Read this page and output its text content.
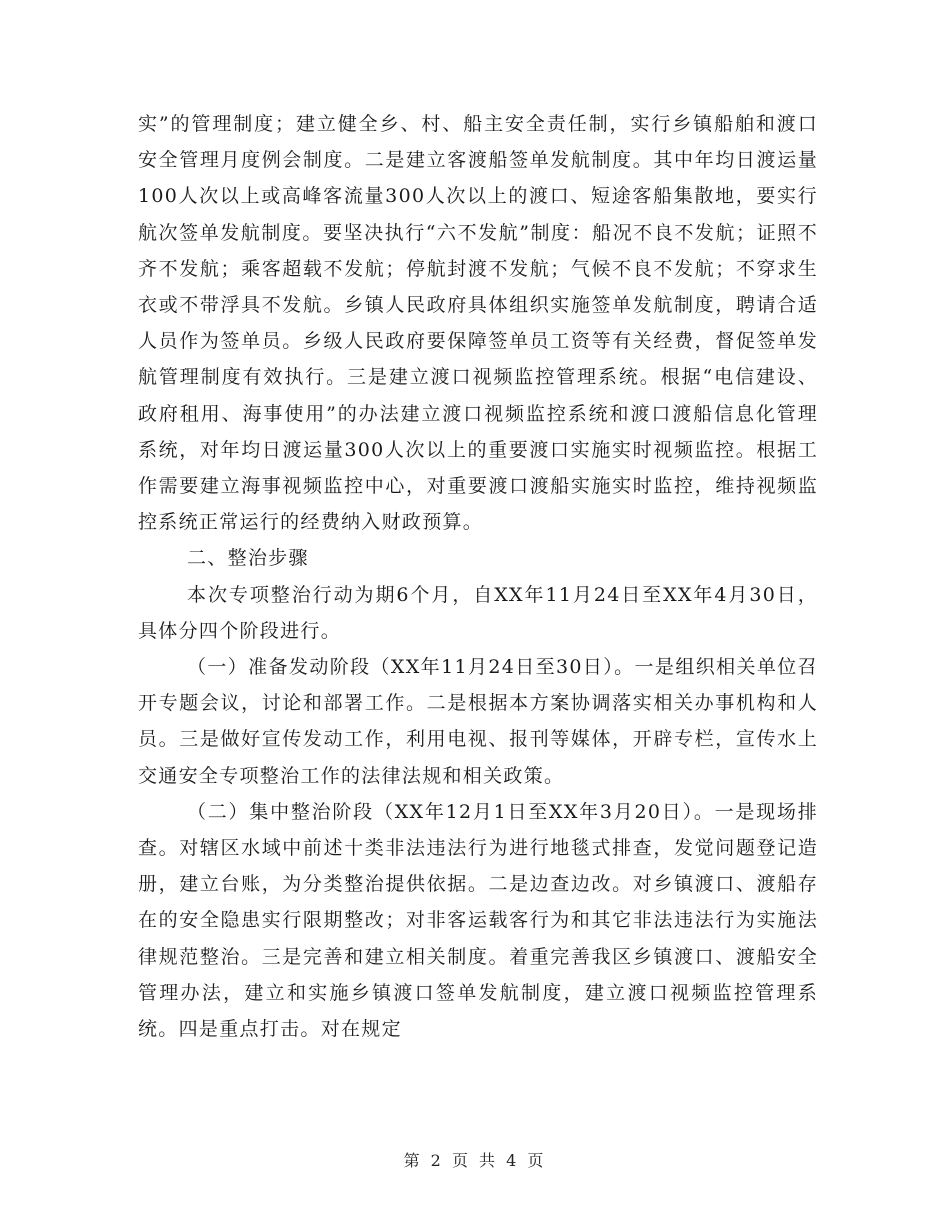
实”的管理制度；建立健全乡、村、船主安全责任制，实行乡镇船舶和渡口安全管理月度例会制度。二是建立客渡船签单发航制度。其中年均日渡运量100人次以上或高峰客流量300人次以上的渡口、短途客船集散地，要实行航次签单发航制度。要坚决执行“六不发航”制度：船况不良不发航；证照不齐不发航；乘客超载不发航；停航封渡不发航；气候不良不发航；不穿求生衣或不带浮具不发航。乡镇人民政府具体组织实施签单发航制度，聘请合适人员作为签单员。乡级人民政府要保障签单员工资等有关经费，督促签单发航管理制度有效执行。三是建立渡口视频监控管理系统。根据“电信建设、政府租用、海事使用”的办法建立渡口视频监控系统和渡口渡船信息化管理系统，对年均日渡运量300人次以上的重要渡口实施实时视频监控。根据工作需要建立海事视频监控中心，对重要渡口渡船实施实时监控，维持视频监控系统正常运行的经费纳入财政预算。

二、整治步骤

本次专项整治行动为期6个月，自XX年11月24日至XX年4月30日，具体分四个阶段进行。

（一）准备发动阶段（XX年11月24日至30日）。一是组织相关单位召开专题会议，讨论和部署工作。二是根据本方案协调落实相关办事机构和人员。三是做好宣传发动工作，利用电视、报刊等媒体，开辟专栏，宣传水上交通安全专项整治工作的法律法规和相关政策。

（二）集中整治阶段（XX年12月1日至XX年3月20日）。一是现场排查。对辖区水域中前述十类非法违法行为进行地毯式排查，发觉问题登记造册，建立台账，为分类整治提供依据。二是边查边改。对乡镇渡口、渡船存在的安全隐患实行限期整改；对非客运载客行为和其它非法违法行为实施法律规范整治。三是完善和建立相关制度。着重完善我区乡镇渡口、渡船安全管理办法，建立和实施乡镇渡口签单发航制度，建立渡口视频监控管理系统。四是重点打击。对在规定

第 2 页 共 4 页
